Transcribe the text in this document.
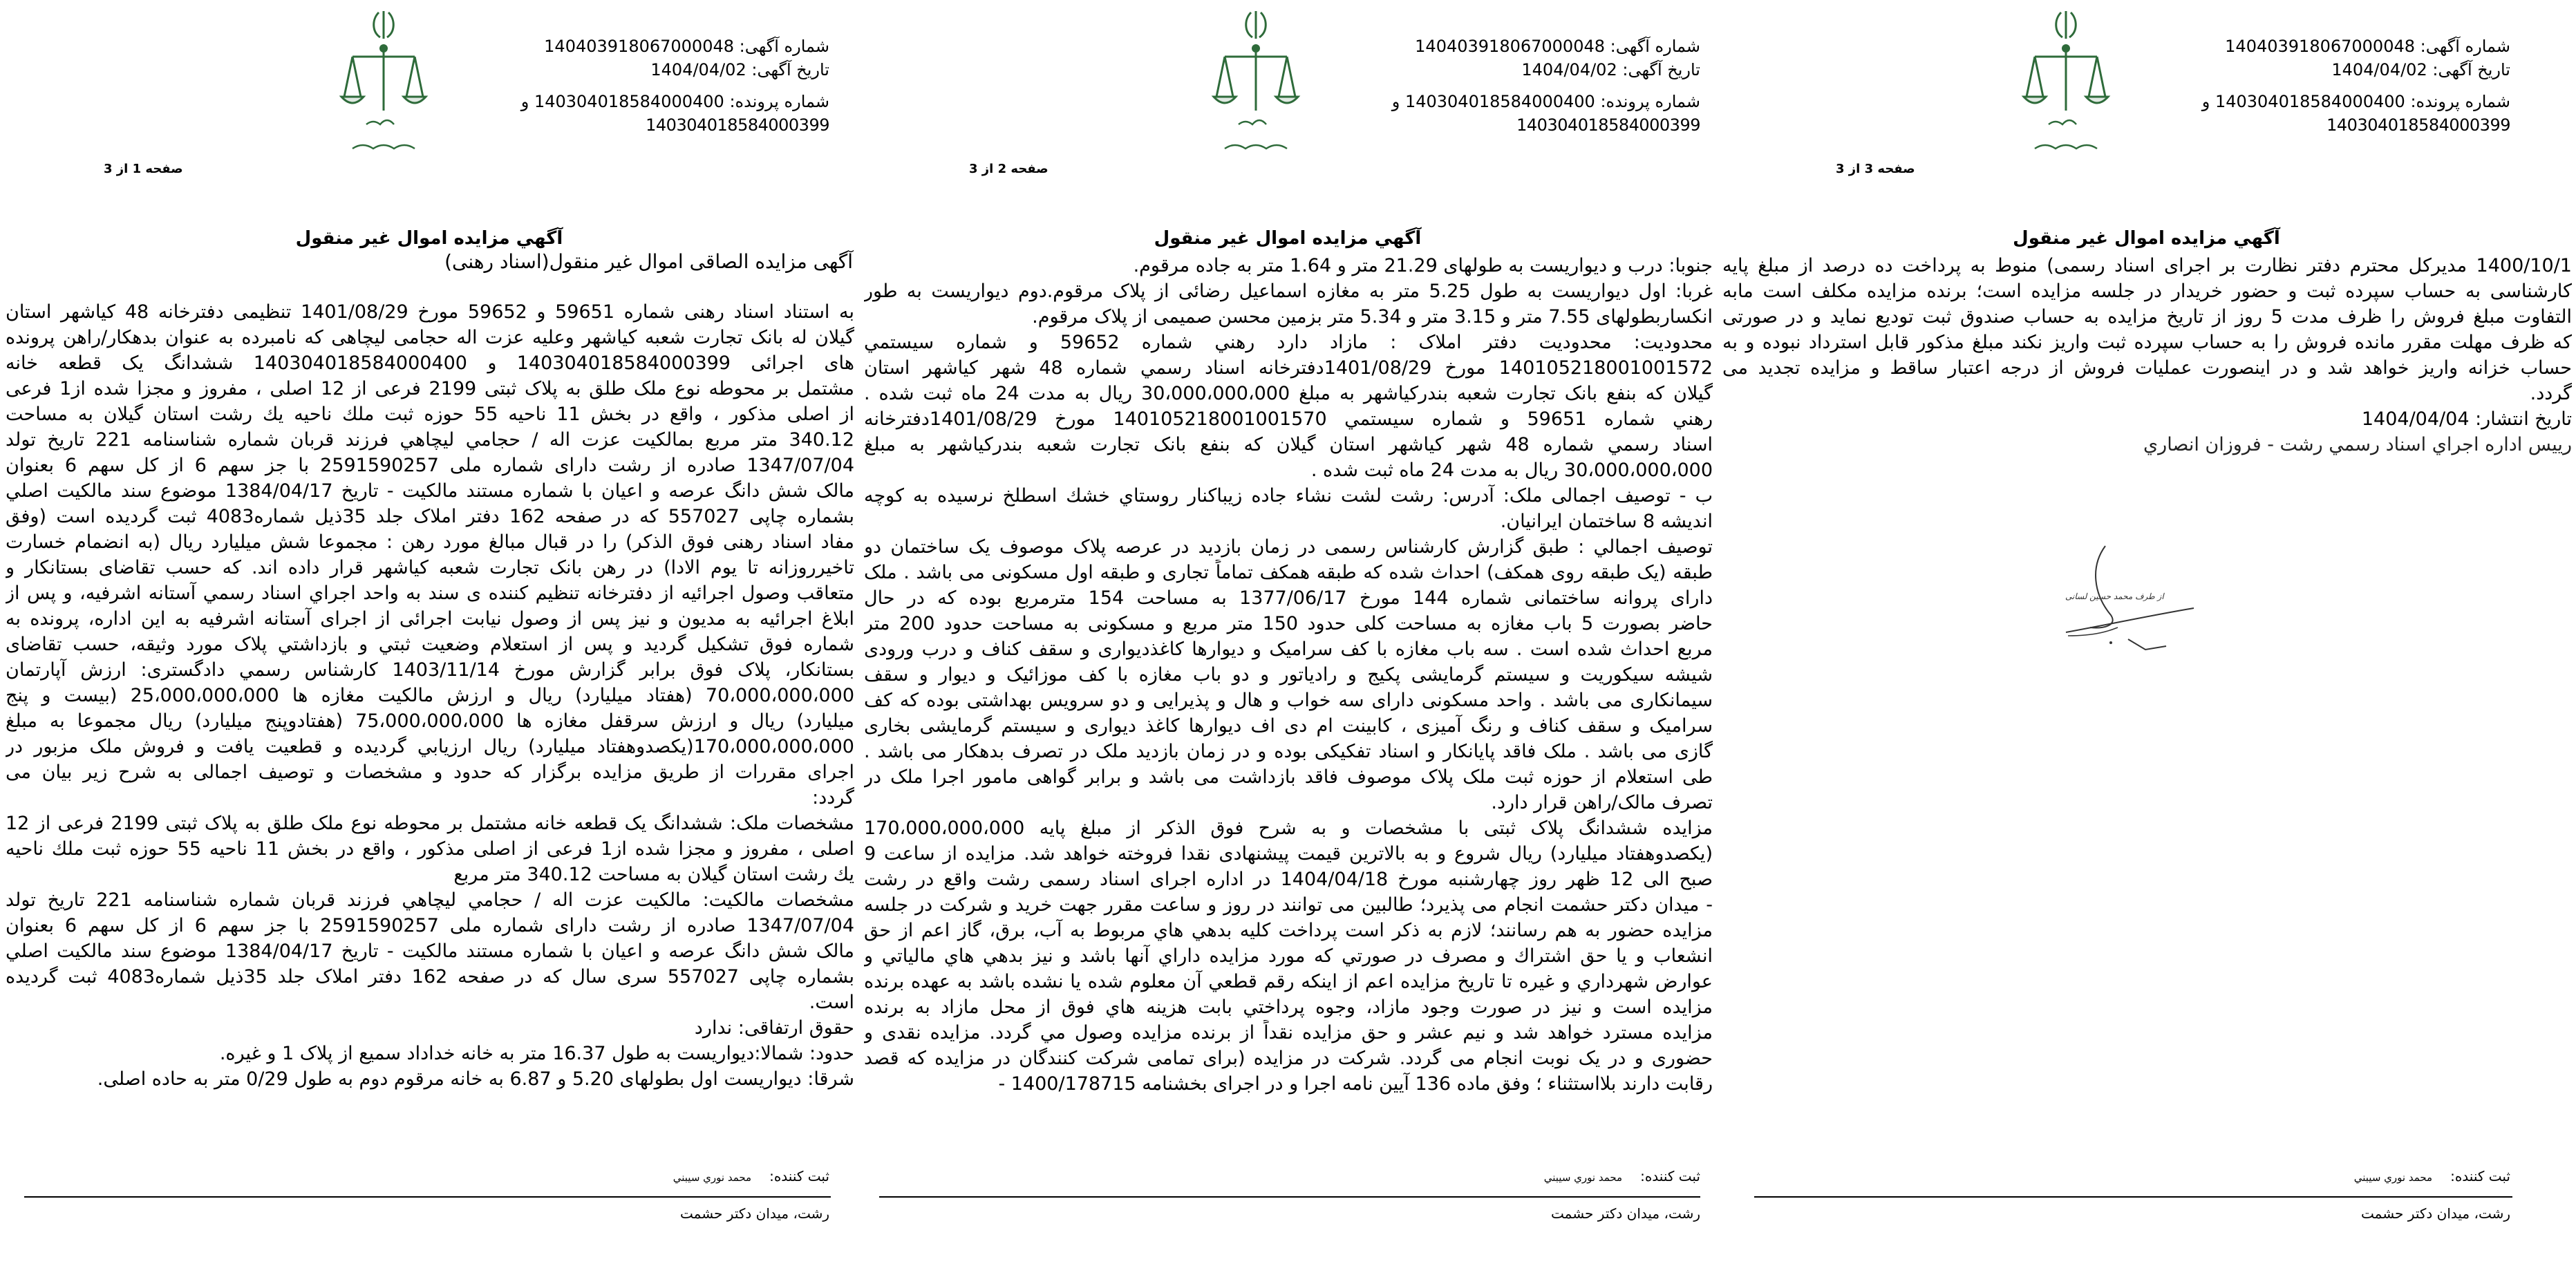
شماره آگهی: 140403918067000048
تاریخ آگهی: 1404/04/02
شماره پرونده: 140304018584000400 و
140304018584000399
صفحه 1 از 3
آگهي مزايده اموال غير منقول
آگهی مزایده الصاقی اموال غیر منقول(اسناد رهنی)
به استناد اسناد رهنی شماره 59651 و 59652 مورخ 1401/08/29 تنظیمی دفترخانه 48 کیاشهر استان
گیلان له بانک تجارت شعبه کیاشهر وعلیه عزت اله حجامی لیچاهی که نامبرده به عنوان بدهکار/راهن پرونده
های اجرائی 140304018584000399 و 140304018584000400 ششدانگ یک قطعه خانه
مشتمل بر محوطه نوع ملک طلق به پلاک ثبتی 2199 فرعی از 12 اصلی ، مفروز و مجزا شده از1 فرعی
از اصلی مذکور ، واقع در بخش 11 ناحیه 55 حوزه ثبت ملك ناحيه يك رشت استان گیلان به مساحت
340.12 متر مربع بمالکیت عزت اله / حجامي ليچاهي فرزند قربان شماره شناسنامه 221 تاریخ تولد
1347/07/04 صادره از رشت دارای شماره ملی 2591590257 با جز سهم 6 از کل سهم 6 بعنوان
مالک شش دانگ عرصه و اعیان با شماره مستند مالکیت - تاریخ 1384/04/17 موضوع سند مالکیت اصلي
بشماره چاپی 557027 که در صفحه 162 دفتر املاک جلد 35ذیل شماره4083 ثبت گردیده است (وفق
مفاد اسناد رهنی فوق الذکر) را در قبال مبالغ مورد رهن : مجموعا شش میلیارد ریال (به انضمام خسارت
تاخيرروزانه تا يوم الادا) در رهن بانک تجارت شعبه کیاشهر قرار داده اند. که حسب تقاضای بستانکار و
متعاقب وصول اجرائیه از دفترخانه تنظیم کننده ی سند به واحد اجراي اسناد رسمي آستانه اشرفیه، و پس از
ابلاغ اجرائیه به مدیون و نیز پس از وصول نیابت اجرائی از اجرای آستانه اشرفیه به این اداره، پرونده به
شماره فوق تشکیل گردید و پس از استعلام وضعیت ثبتي و بازداشتي پلاک مورد وثیقه، حسب تقاضای
بستانکار، پلاک فوق برابر گزارش مورخ 1403/11/14 کارشناس رسمي دادگستری: ارزش آپارتمان
70،000،000،000 (هفتاد میلیارد) ریال و ارزش مالکیت مغازه ها 25،000،000،000 (بیست و پنج
میلیارد) ریال و ارزش سرقفل مغازه ها 75،000،000،000 (هفتادوپنج میلیارد) ریال مجموعا به مبلغ
170،000،000،000(یکصدوهفتاد میلیارد) ریال ارزیابي گردیده و قطعیت یافت و فروش ملک مزبور در
اجرای مقررات از طریق مزایده برگزار که حدود و مشخصات و توصیف اجمالی به شرح زیر بیان می
گردد:
مشخصات ملک: ششدانگ یک قطعه خانه مشتمل بر محوطه نوع ملک طلق به پلاک ثبتی 2199 فرعی از 12
اصلی ، مفروز و مجزا شده از1 فرعی از اصلی مذکور ، واقع در بخش 11 ناحیه 55 حوزه ثبت ملك ناحيه
يك رشت استان گیلان به مساحت 340.12 متر مربع
مشخصات مالکیت: مالکیت عزت اله / حجامي ليچاهي فرزند قربان شماره شناسنامه 221 تاریخ تولد
1347/07/04 صادره از رشت دارای شماره ملی 2591590257 با جز سهم 6 از کل سهم 6 بعنوان
مالک شش دانگ عرصه و اعیان با شماره مستند مالکیت - تاریخ 1384/04/17 موضوع سند مالکیت اصلي
بشماره چاپی 557027 سری سال که در صفحه 162 دفتر املاک جلد 35ذیل شماره4083 ثبت گردیده
است.
حقوق ارتفاقی: ندارد
حدود: شمالا:دیواریست به طول 16.37 متر به خانه خداداد سمیع از پلاک 1 و غیره.
شرقا: دیواریست اول بطولهای 5.20 و 6.87 به خانه مرقوم دوم به طول 0/29 متر به حاده اصلی.
ثبت کننده:محمد نوري سيبني
رشت، میدان دکتر حشمت
شماره آگهی: 140403918067000048
تاریخ آگهی: 1404/04/02
شماره پرونده: 140304018584000400 و
140304018584000399
صفحه 2 از 3
آگهي مزايده اموال غير منقول
جنوبا: درب و دیواریست به طولهای 21.29 متر و 1.64 متر به جاده مرقوم.
غربا: اول دیواریست به طول 5.25 متر به مغازه اسماعیل رضائی از پلاک مرقوم.دوم دیواریست به طور
انکساربطولهای 7.55 متر و 3.15 متر و 5.34 متر بزمین محسن صمیمی از پلاک مرقوم.
محدودیت: محدودیت دفتر املاک : مازاد دارد رهني شماره 59652 و شماره سيستمي
140105218001001572 مورخ 1401/08/29دفترخانه اسناد رسمي شماره 48 شهر کیاشهر استان
گیلان که بنفع بانک تجارت شعبه بندرکیاشهر به مبلغ 30،000،000،000 ریال به مدت 24 ماه ثبت شده .
رهني شماره 59651 و شماره سيستمي 140105218001001570 مورخ 1401/08/29دفترخانه
اسناد رسمي شماره 48 شهر کیاشهر استان گیلان که بنفع بانک تجارت شعبه بندرکیاشهر به مبلغ
30،000،000،000 ریال به مدت 24 ماه ثبت شده .
ب - توصيف اجمالی ملک: آدرس: رشت لشت نشاء جاده زيباكنار روستاي خشك اسطلخ نرسيده به كوچه
انديشه 8 ساختمان ايرانيان.
توصيف اجمالي : طبق گزارش کارشناس رسمی در زمان بازدید در عرصه پلاک موصوف یک ساختمان دو
طبقه (یک طبقه روی همکف) احداث شده که طبقه همکف تماماً تجاری و طبقه اول مسکونی می باشد . ملک
دارای پروانه ساختمانی شماره 144 مورخ 1377/06/17 به مساحت 154 مترمربع بوده که در حال
حاضر بصورت 5 باب مغازه به مساحت کلی حدود 150 متر مربع و مسکونی به مساحت حدود 200 متر
مربع احداث شده است . سه باب مغازه با کف سرامیک و دیوارها کاغذدیواری و سقف کناف و درب ورودی
شیشه سیکوریت و سیستم گرمایشی پکیج و رادیاتور و دو باب مغازه با کف موزائیک و دیوار و سقف
سیمانکاری می باشد . واحد مسکونی دارای سه خواب و هال و پذیرایی و دو سرویس بهداشتی بوده که کف
سرامیک و سقف کناف و رنگ آمیزی ، کابینت ام دی اف دیوارها کاغذ دیواری و سیستم گرمایشی بخاری
گازی می باشد . ملک فاقد پایانکار و اسناد تفکیکی بوده و در زمان بازدید ملک در تصرف بدهکار می باشد .
طی استعلام از حوزه ثبت ملک پلاک موصوف فاقد بازداشت می باشد و برابر گواهی مامور اجرا ملک در
تصرف مالک/راهن قرار دارد.
مزایده ششدانگ پلاک ثبتی با مشخصات و به شرح فوق الذکر از مبلغ پایه 170،000،000،000
(یکصدوهفتاد میلیارد) ریال شروع و به بالاترین قیمت پیشنهادی نقدا فروخته خواهد شد. مزایده از ساعت 9
صبح الی 12 ظهر روز چهارشنبه مورخ 1404/04/18 در اداره اجرای اسناد رسمی رشت واقع در رشت
- میدان دکتر حشمت انجام می پذیرد؛ طالبین می توانند در روز و ساعت مقرر جهت خرید و شرکت در جلسه
مزایده حضور به هم رسانند؛ لازم به ذکر است پرداخت کلیه بدهي هاي مربوط به آب، برق، گاز اعم از حق
انشعاب و یا حق اشتراك و مصرف در صورتي كه مورد مزايده داراي آنها باشد و نيز بدهي هاي مالياتي و
عوارض شهرداري و غيره تا تاريخ مزايده اعم از اينكه رقم قطعي آن معلوم شده يا نشده باشد به عهده برنده
مزايده است و نيز در صورت وجود مازاد، وجوه پرداختي بابت هزينه هاي فوق از محل مازاد به برنده
مزایده مسترد خواهد شد و نیم عشر و حق مزایده نقداً از برنده مزایده وصول مي گردد. مزایده نقدی و
حضوری و در یک نوبت انجام می گردد. شرکت در مزایده (برای تمامی شرکت کنندگان در مزایده که قصد
رقابت دارند بلااستثناء ؛ وفق ماده 136 آیین نامه اجرا و در اجرای بخشنامه 1400/178715 -
ثبت کننده:محمد نوري سيبني
رشت، میدان دکتر حشمت
شماره آگهی: 140403918067000048
تاریخ آگهی: 1404/04/02
شماره پرونده: 140304018584000400 و
140304018584000399
صفحه 3 از 3
آگهي مزايده اموال غير منقول
1400/10/1 مدیرکل محترم دفتر نظارت بر اجرای اسناد رسمی) منوط به پرداخت ده درصد از مبلغ پایه
کارشناسی به حساب سپرده ثبت و حضور خریدار در جلسه مزایده است؛ برنده مزایده مکلف است مابه
التفاوت مبلغ فروش را ظرف مدت 5 روز از تاریخ مزایده به حساب صندوق ثبت تودیع نماید و در صورتی
که ظرف مهلت مقرر مانده فروش را به حساب سپرده ثبت واریز نکند مبلغ مذکور قابل استرداد نبوده و به
حساب خزانه واریز خواهد شد و در اینصورت عملیات فروش از درجه اعتبار ساقط و مزایده تجدید می
گردد.
تاریخ انتشار: 1404/04/04
رييس اداره اجراي اسناد رسمي رشت - فروزان انصاري
از طرف محمد حسین لسانی
ثبت کننده:محمد نوري سيبني
رشت، میدان دکتر حشمت
